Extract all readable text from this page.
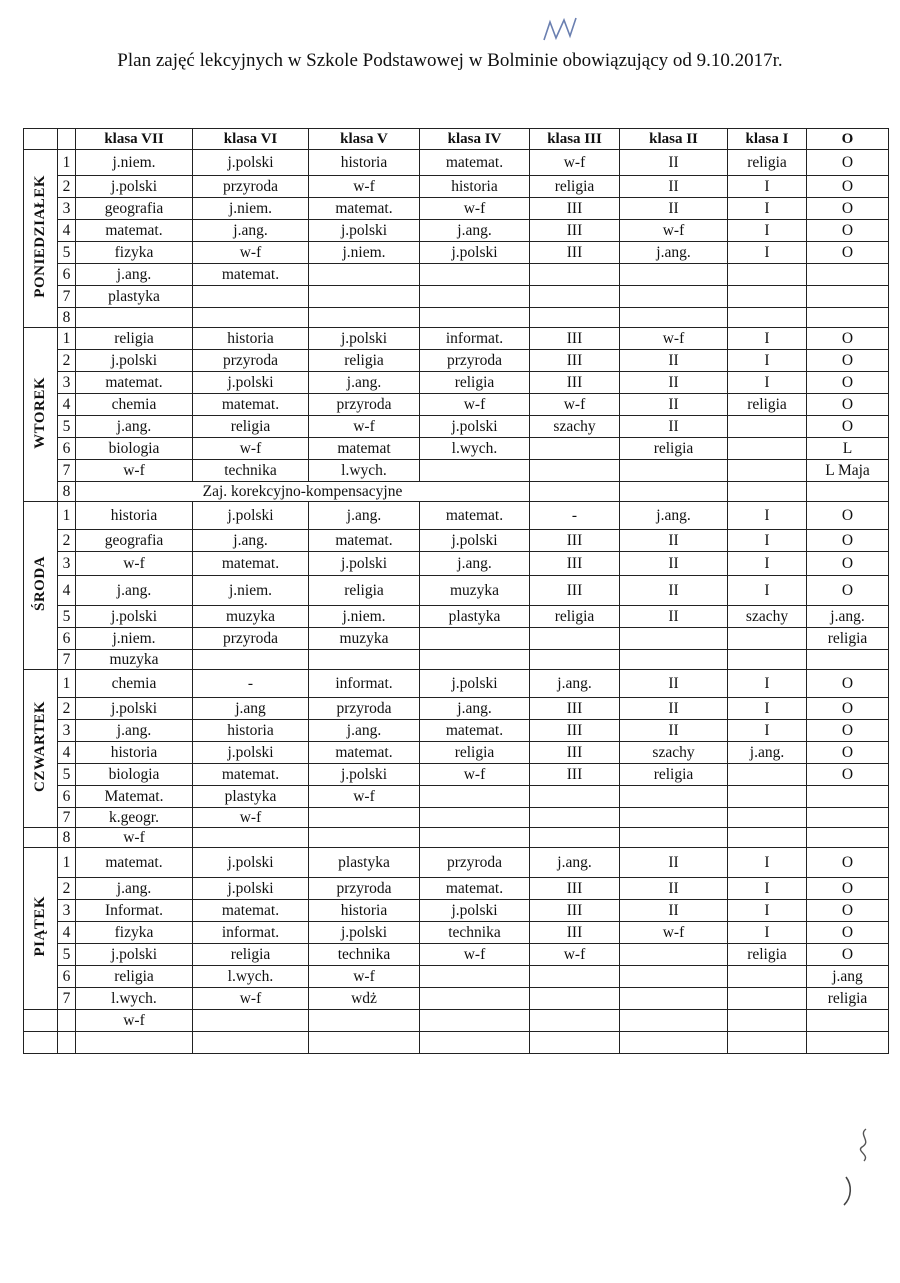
Plan zajęć lekcyjnych w Szkole Podstawowej w Bolminie obowiązujący od 9.10.2017r.
		klasa VII	klasa VI	klasa V	klasa IV	klasa III	klasa II	klasa I	O
PONIEDZIAŁEK	1	j.niem.	j.polski	historia	matemat.	w-f	II	religia	O
	2	j.polski	przyroda	w-f	historia	religia	II	I	O
	3	geografia	j.niem.	matemat.	w-f	III	II	I	O
	4	matemat.	j.ang.	j.polski	j.ang.	III	w-f	I	O
	5	fizyka	w-f	j.niem.	j.polski	III	j.ang.	I	O
	6	j.ang.	matemat.						
	7	plastyka							
	8								
WTOREK	1	religia	historia	j.polski	informat.	III	w-f	I	O
	2	j.polski	przyroda	religia	przyroda	III	II	I	O
	3	matemat.	j.polski	j.ang.	religia	III	II	I	O
	4	chemia	matemat.	przyroda	w-f	w-f	II	religia	O
	5	j.ang.	religia	w-f	j.polski	szachy	II		O
	6	biologia	w-f	matemat	l.wych.		religia		L
	7	w-f	technika	l.wych.					L Maja
	8	Zaj. korekcyjno-kompensacyjne							
ŚRODA	1	historia	j.polski	j.ang.	matemat.	-	j.ang.	I	O
	2	geografia	j.ang.	matemat.	j.polski	III	II	I	O
	3	w-f	matemat.	j.polski	j.ang.	III	II	I	O
	4	j.ang.	j.niem.	religia	muzyka	III	II	I	O
	5	j.polski	muzyka	j.niem.	plastyka	religia	II	szachy	j.ang.
	6	j.niem.	przyroda	muzyka					religia
	7	muzyka							
CZWARTEK	1	chemia	-	informat.	j.polski	j.ang.	II	I	O
	2	j.polski	j.ang	przyroda	j.ang.	III	II	I	O
	3	j.ang.	historia	j.ang.	matemat.	III	II	I	O
	4	historia	j.polski	matemat.	religia	III	szachy	j.ang.	O
	5	biologia	matemat.	j.polski	w-f	III	religia		O
	6	Matemat.	plastyka	w-f					
	7	k.geogr.	w-f						
	8	w-f							
PIĄTEK	1	matemat.	j.polski	plastyka	przyroda	j.ang.	II	I	O
	2	j.ang.	j.polski	przyroda	matemat.	III	II	I	O
	3	Informat.	matemat.	historia	j.polski	III	II	I	O
	4	fizyka	informat.	j.polski	technika	III	w-f	I	O
	5	j.polski	religia	technika	w-f	w-f		religia	O
	6	religia	l.wych.	w-f					j.ang
	7	l.wych.	w-f	wdż					religia
		w-f							
